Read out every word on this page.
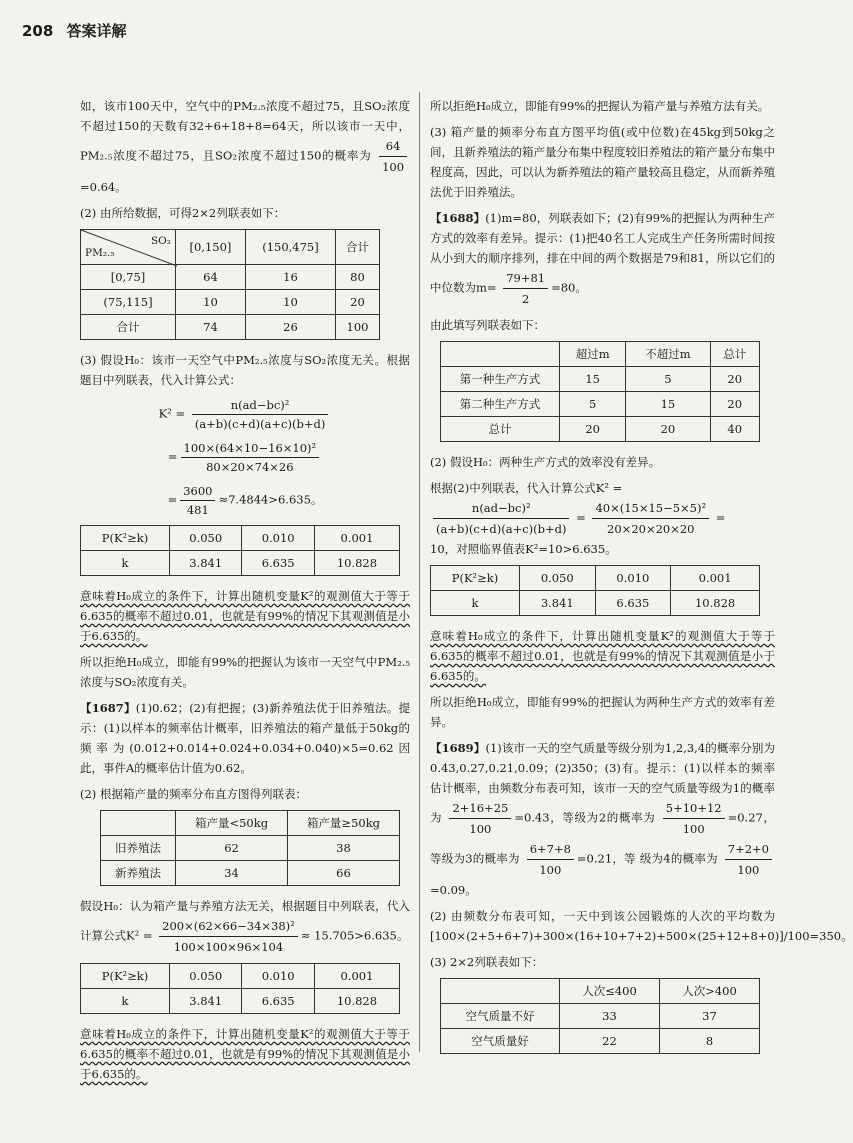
208 答案详解

如，该市100天中，空气中的PM₂.₅浓度不超过75，且SO₂浓度不超过150的天数有32+6+18+8=64天，所以该市一天中，PM₂.₅浓度不超过75，且SO₂浓度不超过150的概率为 $\frac{64}{100}$
=0.64。

(2) 由所给数据，可得2×2列联表如下：

SO₂
PM₂.₅	[0,150]	(150,475]	合计
[0,75]	64	16	80
(75,115]	10	10	20
合计	74	26	100

(3) 假设H₀：该市一天空气中PM₂.₅浓度与SO₂浓度无关。根据题目中列联表，代入计算公式：

$K^2 = \frac{\text{n(ad−bc)²}}{(a+b)(c+d)(a+c)(b+d)}$
= $\frac{\text{100×(64×10−16×10)²}}{80\times 20\times 74\times 26}$
= $\frac{3600}{481} \approx 7.4844>6.635$。
P(K²≥k)	0.050	0.010	0.001
k	3.841	6.635	10.828

意味着H₀成立的条件下，计算出随机变量K²的观测值大于等于6.635的概率不超过0.01，也就是有99%的情况下其观测值是小于6.635的。

所以拒绝H₀成立，即能有99%的把握认为该市一天空气中PM₂.₅浓度与SO₂浓度有关。

【1687】(1)0.62；(2)有把握；(3)新养殖法优于旧养殖法。提示：(1)以样本的频率估计概率，旧养殖法的箱产量低于50kg的频率为(0.012+0.014+0.024+0.034+0.040)×5=0.62因此，事件A的概率估计值为0.62。

(2) 根据箱产量的频率分布直方图得列联表：

	箱产量<50kg	箱产量≥50kg
旧养殖法	62	38
新养殖法	34	66

假设H₀：认为箱产量与养殖方法无关，根据题目中列联表，代入计算公式$K^2 = \frac{\text{200×(62×66−34×38)²}}{100\times 100\times 96\times 104} \approx 15.705>6.635$。

P(K²≥k)	0.050	0.010	0.001
k	3.841	6.635	10.828

意味着H₀成立的条件下，计算出随机变量K²的观测值大于等于6.635的概率不超过0.01，也就是有99%的情况下其观测值是小于6.635的。

所以拒绝H₀成立，即能有99%的把握认为箱产量与养殖方法有关。

(3) 箱产量的频率分布直方图平均值(或中位数)在45kg到50kg之间，且新养殖法的箱产量分布集中程度较旧养殖法的箱产量分布集中程度高，因此，可以认为新养殖法的箱产量较高且稳定，从而新养殖法优于旧养殖法。

【1688】(1)m=80，列联表如下；(2)有99%的把握认为两种生产方式的效率有差异。提示：(1)把40名工人完成生产任务所需时间按从小到大的顺序排列，排在中间的两个数据是79和81，所以它们的中位数为$m= \frac{79+81}{2} =80$。

由此填写列联表如下：

	超过m	不超过m	总计
第一种生产方式	15	5	20
第二种生产方式	5	15	20
总计	20	20	40

(2) 假设H₀：两种生产方式的效率没有差异。

根据(2)中列联表，代入计算公式K² =

$\frac{\text{n(ad−bc)²}}{(a+b)(c+d)(a+c)(b+d)} = \frac{\text{40×(15×15−5×5)²}}{20\times 20\times 20\times 20}$ =
10，对照临界值表K²=10>6.635。

P(K²≥k)	0.050	0.010	0.001
k	3.841	6.635	10.828

意味着H₀成立的条件下，计算出随机变量K²的观测值大于等于6.635的概率不超过0.01，也就是有99%的情况下其观测值是小于6.635的。

所以拒绝H₀成立，即能有99%的把握认为两种生产方式的效率有差异。

【1689】(1)该市一天的空气质量等级分别为1,2,3,4的概率分别为0.43,0.27,0.21,0.09；(2)350；(3)有。提示：(1)以样本的频率估计概率，由频数分布表可知，该市一天的空气质量等级为1的概率为 $\frac{2+16+25}{100} =0.43$，等级为2的概率为 $\frac{5+10+12}{100} =0.27$，等级为3的概率为 $\frac{6+7+8}{100} =0.21$，等 级为4的概率为 $\frac{7+2+0}{100}$
=0.09。

(2) 由频数分布表可知，一天中到该公园锻炼的人次的平均数为[100×(2+5+6+7)+300×(16+10+7+2)+500×(25+12+8+0)]/100=350。

(3) 2×2列联表如下：

	人次≤400	人次>400
空气质量不好	33	37
空气质量好	22	8
